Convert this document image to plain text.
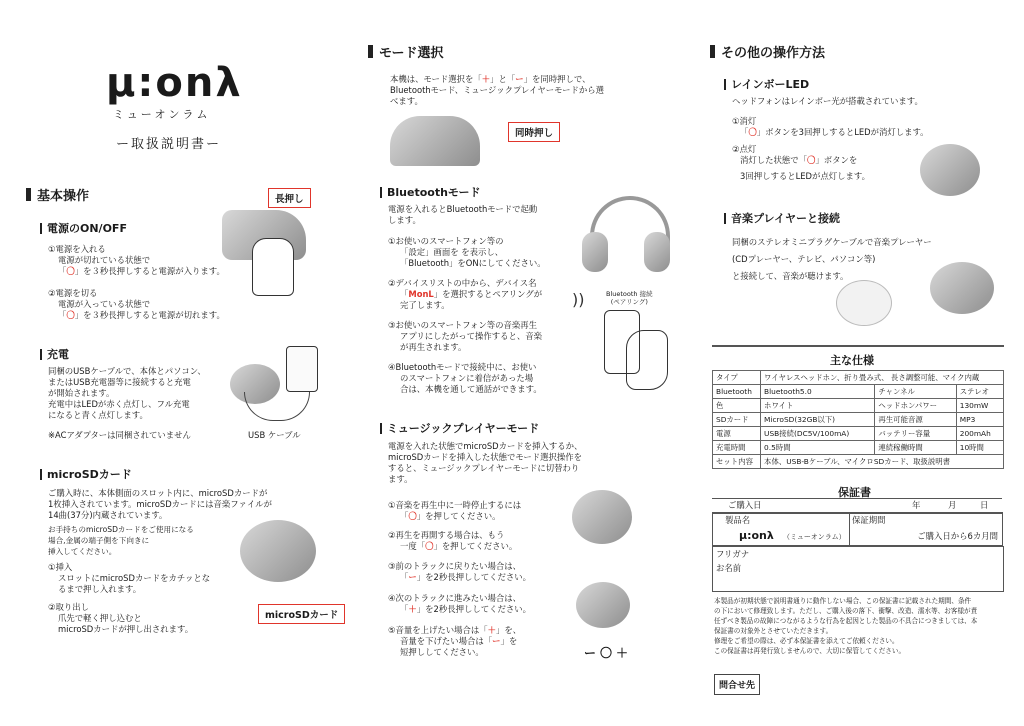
µ:onλ
ミューオンラム
ー取扱説明書ー
基本操作	長押し
電源のON/OFF
①電源を入れる
電源が切れている状態で
「〇」を３秒長押しすると電源が入ります。
②電源を切る
電源が入っている状態で
「〇」を３秒長押しすると電源が切れます。
充電
同梱のUSBケーブルで、本体とパソコン、
またはUSB充電器等に接続すると充電
が開始されます。
充電中はLEDが赤く点灯し、フル充電
になると青く点灯します。
※ACアダプターは同梱されていません	USB ケーブル
microSDカード
ご購入時に、本体側面のスロット内に、microSDカードが
1枚挿入されています。microSDカードには音楽ファイルが
14曲(37分)内蔵されています。
お手持ちのmicroSDカードをご使用になる
場合,金属の端子側を下向きに
挿入してください。
①挿入
スロットにmicroSDカードをカチッとな
るまで押し入れます。
②取り出し
爪先で軽く押し込むと
microSDカードが押し出されます。
microSDカード
モード選択
本機は、モード選択を「＋」と「ー」を同時押しで、
Bluetoothモード、ミュージックプレイヤーモードから選
べます。
同時押し
Bluetoothモード
電源を入れるとBluetoothモードで起動
します。
①お使いのスマートフォン等の
「設定」画面を を表示し、
「Bluetooth」をONにしてください。
②デバイスリストの中から、デバイス名
「MonL」を選択するとペアリングが
完了します。
③お使いのスマートフォン等の音楽再生
アプリにしたがって操作すると、音楽
が再生されます。
④Bluetoothモードで接続中に、お使い
のスマートフォンに着信があった場
合は、本機を通して通話ができます。
))	Bluetooth 接続
(ペアリング)
ミュージックプレイヤーモード
電源を入れた状態でmicroSDカードを挿入するか、
microSDカードを挿入した状態でモード選択操作を
すると、ミュージックプレイヤーモードに切替わり
ます。
①音楽を再生中に一時停止するには
「〇」を押してください。
②再生を再開する場合は、もう
一度「〇」を押してください。
③前のトラックに戻りたい場合は、
「ー」を2秒長押ししてください。
④次のトラックに進みたい場合は、
「＋」を2秒長押ししてください。
⑤音量を上げたい場合は「＋」を、
音量を下げたい場合は「ー」を
短押ししてください。	ー〇＋
その他の操作方法
レインボーLED
ヘッドフォンはレインボー光が搭載されています。
①消灯
「〇」ボタンを3回押しするとLEDが消灯します。
②点灯
消灯した状態で「〇」ボタンを
3回押しするとLEDが点灯します。
音楽プレイヤーと接続
同梱のステレオミニプラグケーブルで音楽プレーヤー
(CDプレーヤー、テレビ、パソコン等)
と接続して、音楽が聴けます。
主な仕様
タイプ	ワイヤレスヘッドホン、折り畳み式、 長さ調整可能、マイク内蔵		
Bluetooth	Bluetooth5.0	チャンネル	ステレオ
色	ホワイト	ヘッドホンパワー	130mW
SDカード	MicroSD(32GB以下)	再生可能音源	MP3
電源	USB接続(DC5V/100mA)	バッテリー容量	200mAh
充電時間	0.5時間	連続稼働時間	10時間
セット内容	本体、USB-Bケーブル、マイクロSDカード、取扱説明書		
保証書
ご購入日	年	月	日
製品名
µ:onλ （ミューオンラム）
保証期間
ご購入日から6カ月間
フリガナ
お名前
本製品が初期状態で説明書通りに動作しない場合、この保証書に記載された期間、条件
の下において修理致します。ただし、ご購入後の落下、衝撃、改造、濡水等、お客様が責
任ずべき製品の故障につながるような行為を起因とした製品の不具合につきましては、本
保証書の対象外とさせていただきます。
修理をご希望の際は、必ず本保証書を添えてご依頼ください。
この保証書は再発行致しませんので、大切に保管してください。
問合せ先
